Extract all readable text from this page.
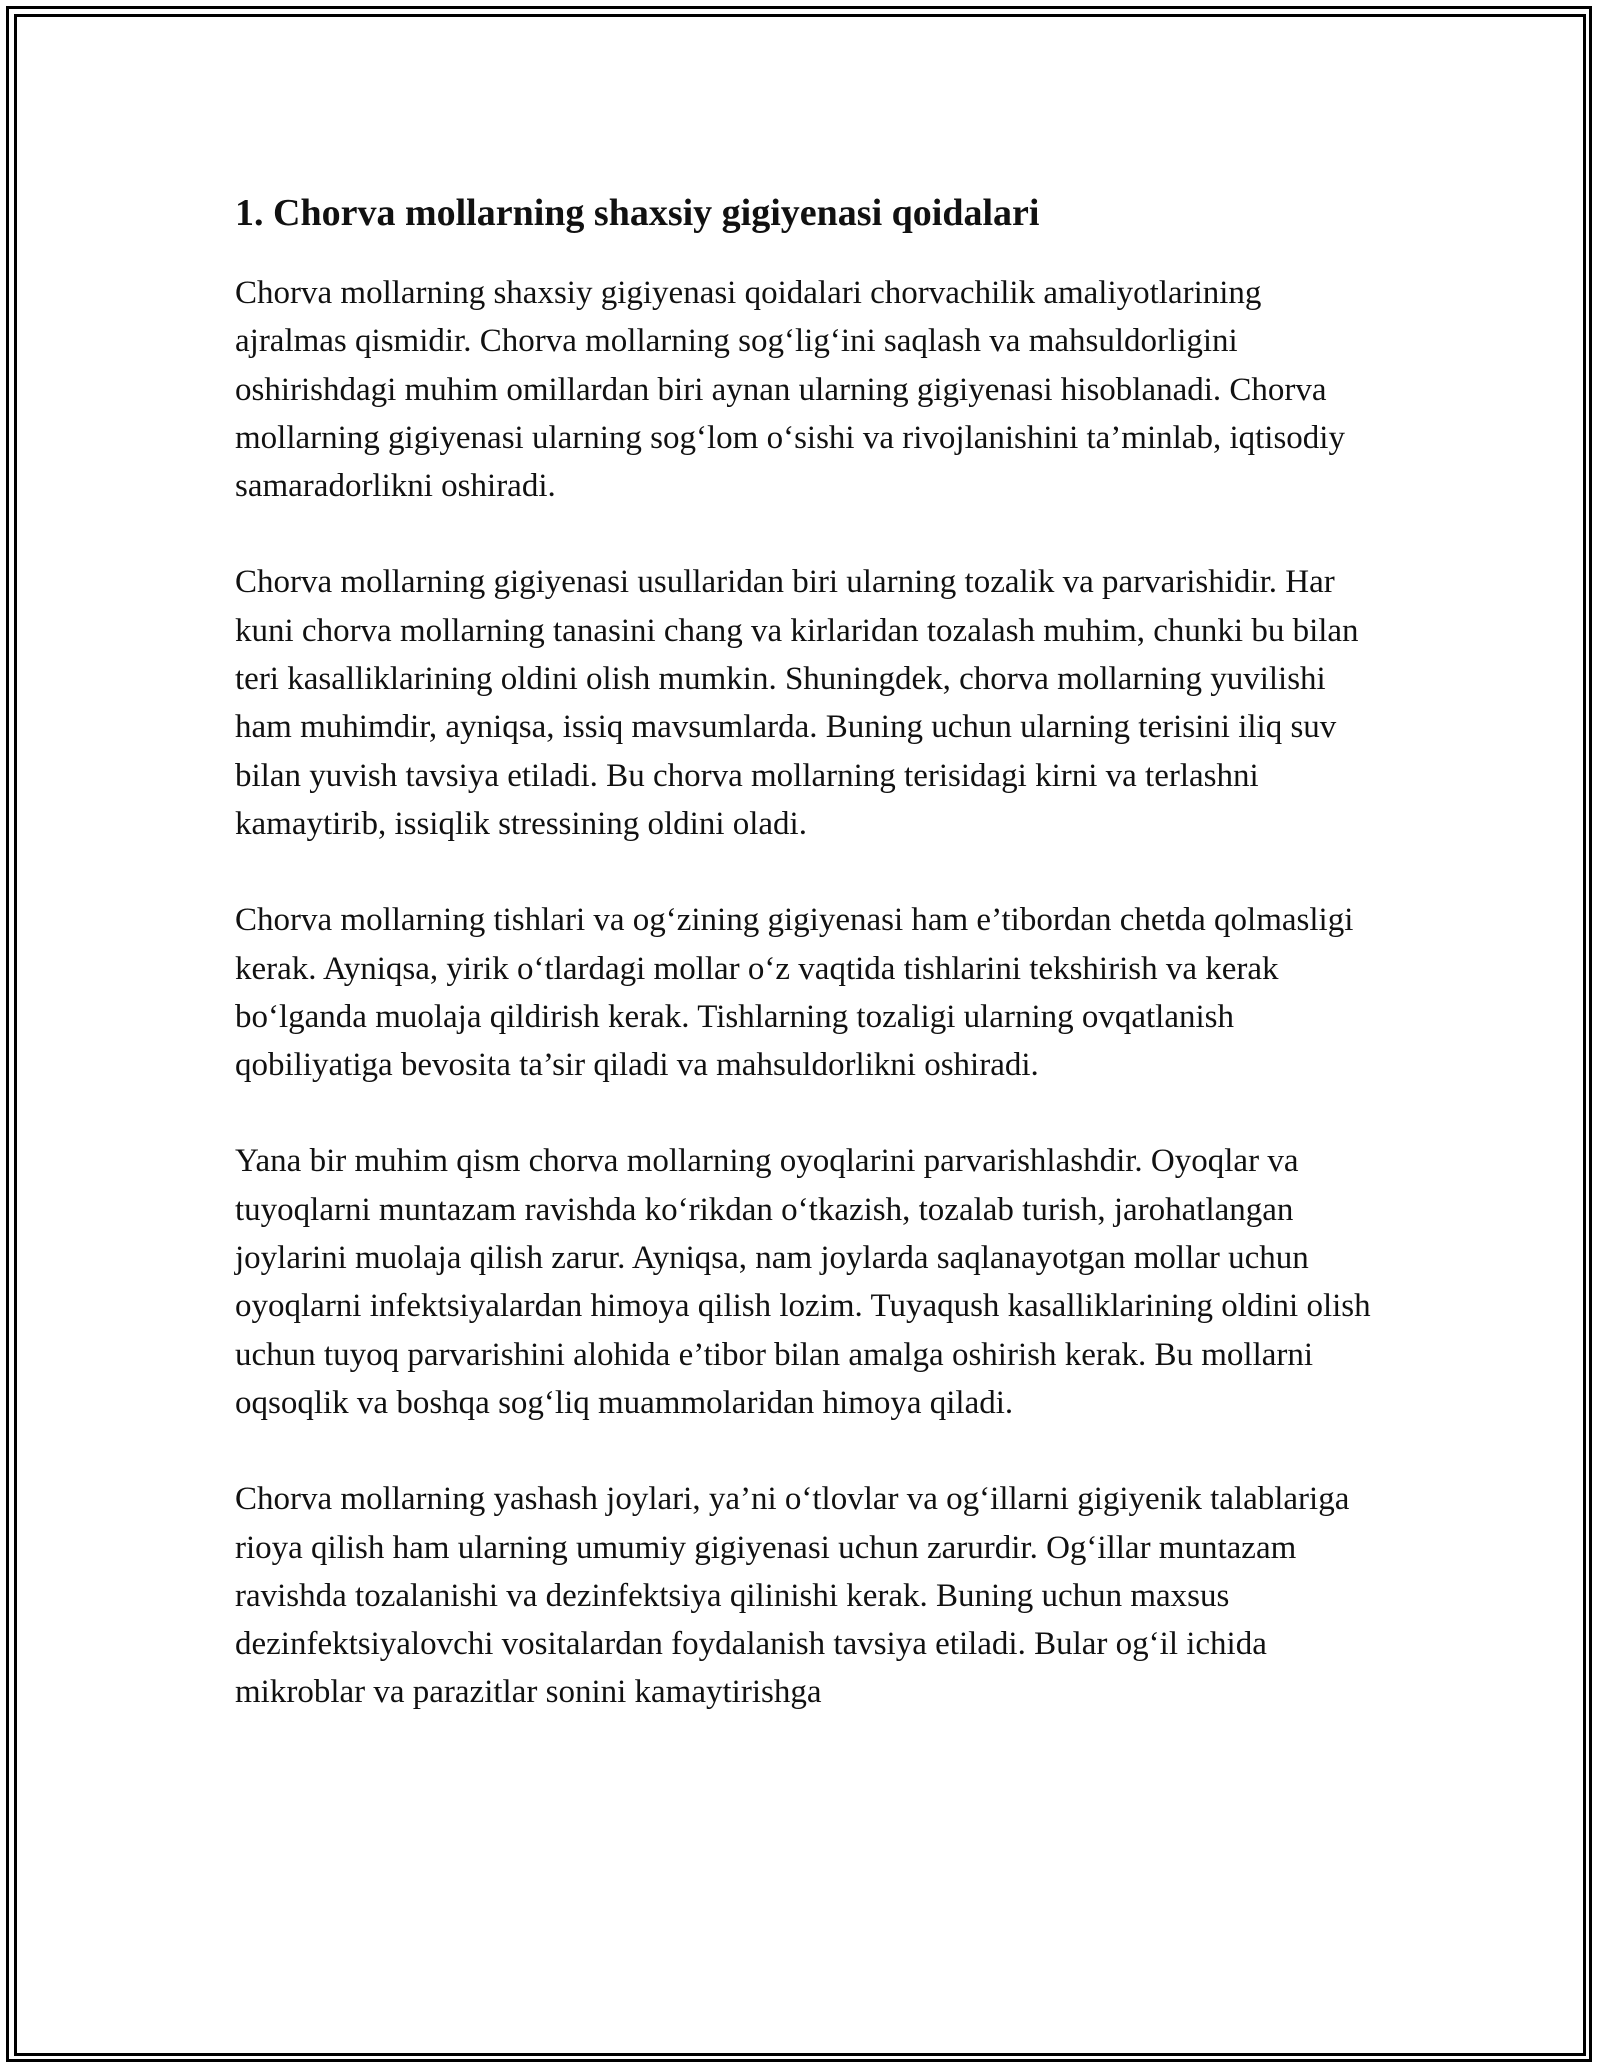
1. Chorva mollarning shaxsiy gigiyenasi qoidalari

Chorva mollarning shaxsiy gigiyenasi qoidalari chorvachilik amaliyotlarining ajralmas qismidir. Chorva mollarning sog‘lig‘ini saqlash va mahsuldorligini oshirishdagi muhim omillardan biri aynan ularning gigiyenasi hisoblanadi. Chorva mollarning gigiyenasi ularning sog‘lom o‘sishi va rivojlanishini ta’minlab, iqtisodiy samaradorlikni oshiradi.

Chorva mollarning gigiyenasi usullaridan biri ularning tozalik va parvarishidir. Har kuni chorva mollarning tanasini chang va kirlaridan tozalash muhim, chunki bu bilan teri kasalliklarining oldini olish mumkin. Shuningdek, chorva mollarning yuvilishi ham muhimdir, ayniqsa, issiq mavsumlarda. Buning uchun ularning terisini iliq suv bilan yuvish tavsiya etiladi. Bu chorva mollarning terisidagi kirni va terlashni kamaytirib, issiqlik stressining oldini oladi.

Chorva mollarning tishlari va og‘zining gigiyenasi ham e’tibordan chetda qolmasligi kerak. Ayniqsa, yirik o‘tlardagi mollar o‘z vaqtida tishlarini tekshirish va kerak bo‘lganda muolaja qildirish kerak. Tishlarning tozaligi ularning ovqatlanish qobiliyatiga bevosita ta’sir qiladi va mahsuldorlikni oshiradi.

Yana bir muhim qism chorva mollarning oyoqlarini parvarishlashdir. Oyoqlar va tuyoqlarni muntazam ravishda ko‘rikdan o‘tkazish, tozalab turish, jarohatlangan joylarini muolaja qilish zarur. Ayniqsa, nam joylarda saqlanayotgan mollar uchun oyoqlarni infektsiyalardan himoya qilish lozim. Tuyaqush kasalliklarining oldini olish uchun tuyoq parvarishini alohida e’tibor bilan amalga oshirish kerak. Bu mollarni oqsoqlik va boshqa sog‘liq muammolaridan himoya qiladi.

Chorva mollarning yashash joylari, ya’ni o‘tlovlar va og‘illarni gigiyenik talablariga rioya qilish ham ularning umumiy gigiyenasi uchun zarurdir. Og‘illar muntazam ravishda tozalanishi va dezinfektsiya qilinishi kerak. Buning uchun maxsus dezinfektsiyalovchi vositalardan foydalanish tavsiya etiladi. Bular og‘il ichida mikroblar va parazitlar sonini kamaytirishga
